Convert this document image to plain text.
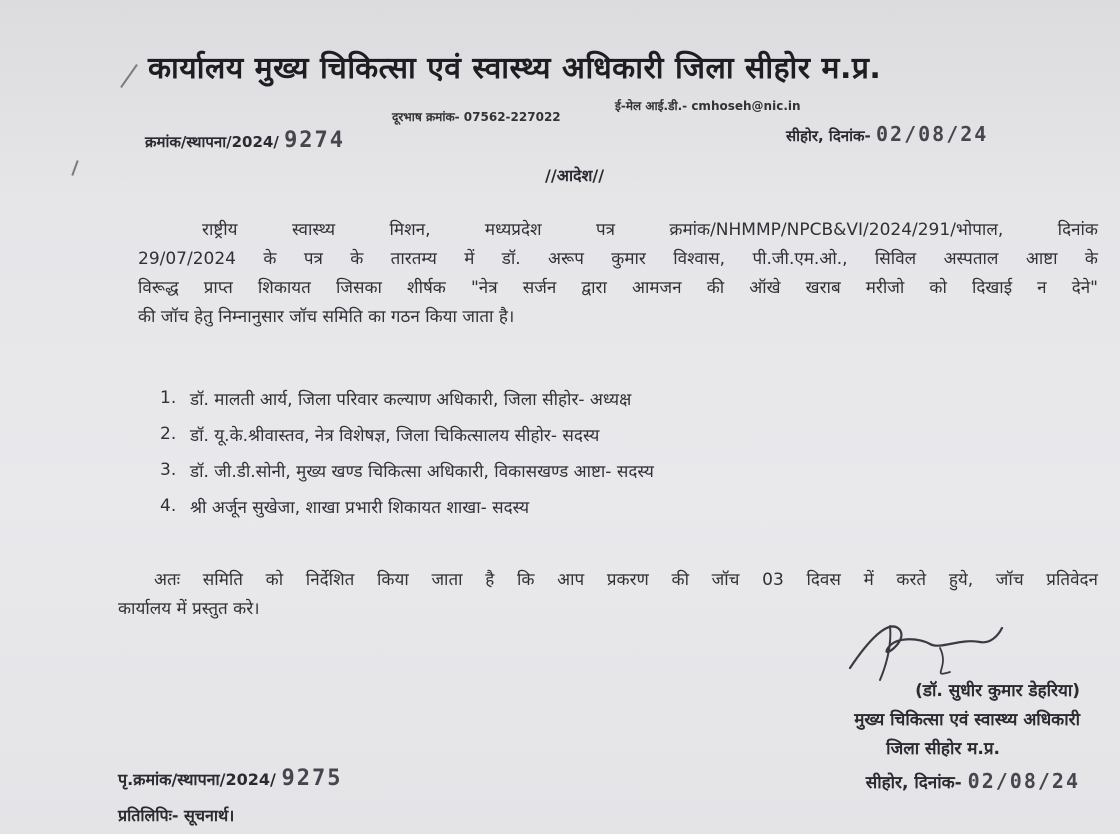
कार्यालय मुख्य चिकित्सा एवं स्वास्थ्य अधिकारी जिला सीहोर म.प्र.
दूरभाष क्रमांक- 07562-227022
ई-मेल आई.डी.- cmhoseh@nic.in
क्रमांक/स्थापना/2024/ 9274	सीहोर, दिनांक- 02/08/24
//आदेश//
राष्ट्रीय स्वास्थ्य मिशन, मध्यप्रदेश पत्र क्रमांक/NHMMP/NPCB&VI/2024/291/भोपाल, दिनांक
29/07/2024 के पत्र के तारतम्य में डॉ. अरूप कुमार विश्वास, पी.जी.एम.ओ., सिविल अस्पताल आष्टा के
विरूद्ध प्राप्त शिकायत जिसका शीर्षक "नेत्र सर्जन द्वारा आमजन की ऑखे खराब मरीजो को दिखाई न देने"
की जॉच हेतु निम्नानुसार जॉच समिति का गठन किया जाता है।
1. डॉ. मालती आर्य, जिला परिवार कल्याण अधिकारी, जिला सीहोर- अध्यक्ष
2. डॉ. यू.के.श्रीवास्तव, नेत्र विशेषज्ञ, जिला चिकित्सालय सीहोर- सदस्य
3. डॉ. जी.डी.सोनी, मुख्य खण्ड चिकित्सा अधिकारी, विकासखण्ड आष्टा- सदस्य
4. श्री अर्जून सुखेजा, शाखा प्रभारी शिकायत शाखा- सदस्य
अतः समिति को निर्देशित किया जाता है कि आप प्रकरण की जॉच 03 दिवस में करते हुये, जॉच प्रतिवेदन
कार्यालय में प्रस्तुत करे।
(डॉ. सुधीर कुमार डेहरिया)
मुख्य चिकित्सा एवं स्वास्थ्य अधिकारी
जिला सीहोर म.प्र.
सीहोर, दिनांक- 02/08/24
पृ.क्रमांक/स्थापना/2024/ 9275
प्रतिलिपिः- सूचनार्थ।
